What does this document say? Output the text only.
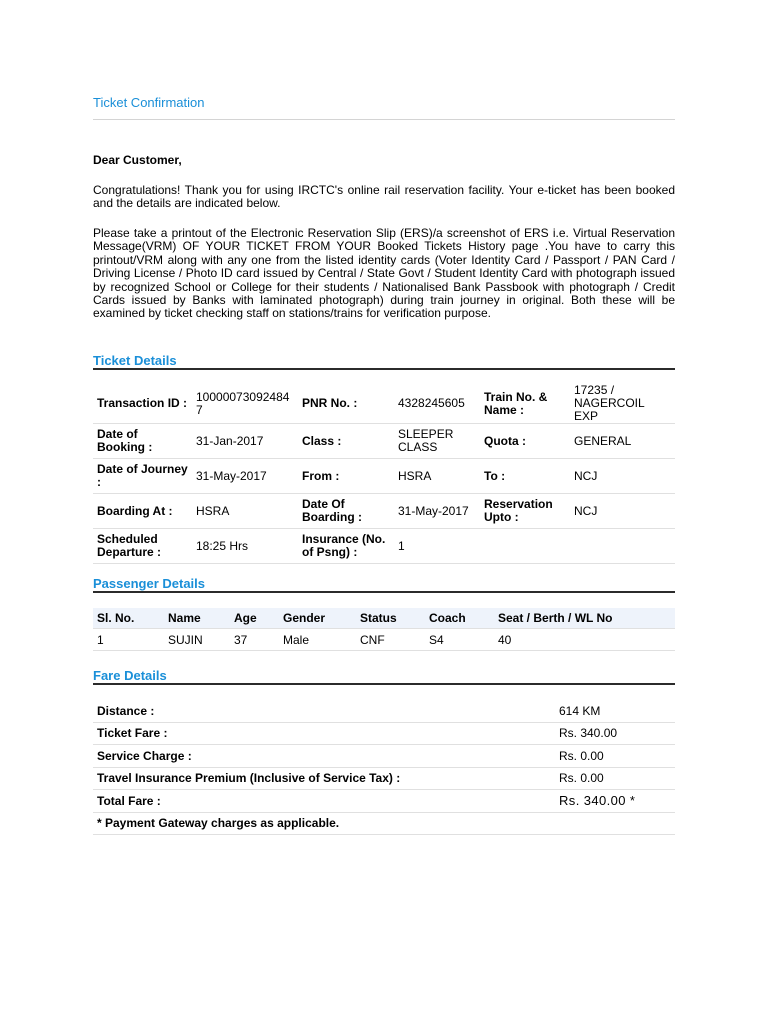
Ticket Confirmation
Dear Customer,
Congratulations! Thank you for using IRCTC's online rail reservation facility. Your e-ticket has been booked and the details are indicated below.
Please take a printout of the Electronic Reservation Slip (ERS)/a screenshot of ERS i.e. Virtual Reservation Message(VRM) OF YOUR TICKET FROM YOUR Booked Tickets History page .You have to carry this printout/VRM along with any one from the listed identity cards (Voter Identity Card / Passport / PAN Card / Driving License / Photo ID card issued by Central / State Govt / Student Identity Card with photograph issued by recognized School or College for their students / Nationalised Bank Passbook with photograph / Credit Cards issued by Banks with laminated photograph) during train journey in original. Both these will be examined by ticket checking staff on stations/trains for verification purpose.
Ticket Details
Transaction ID :	100000730924847	PNR No. :	4328245605	Train No. & Name :	17235 / NAGERCOIL EXP
Date of Booking :	31-Jan-2017	Class :	SLEEPER CLASS	Quota :	GENERAL
Date of Journey :	31-May-2017	From :	HSRA	To :	NCJ
Boarding At :	HSRA	Date Of Boarding :	31-May-2017	Reservation Upto :	NCJ
Scheduled Departure :	18:25 Hrs	Insurance (No. of Psng) :	1		
Passenger Details
Sl. No.	Name	Age	Gender	Status	Coach	Seat / Berth / WL No
1	SUJIN	37	Male	CNF	S4	40
Fare Details
Distance :	614 KM
Ticket Fare :	Rs. 340.00
Service Charge :	Rs. 0.00
Travel Insurance Premium (Inclusive of Service Tax) :	Rs. 0.00
Total Fare :	Rs. 340.00 *
* Payment Gateway charges as applicable.	
